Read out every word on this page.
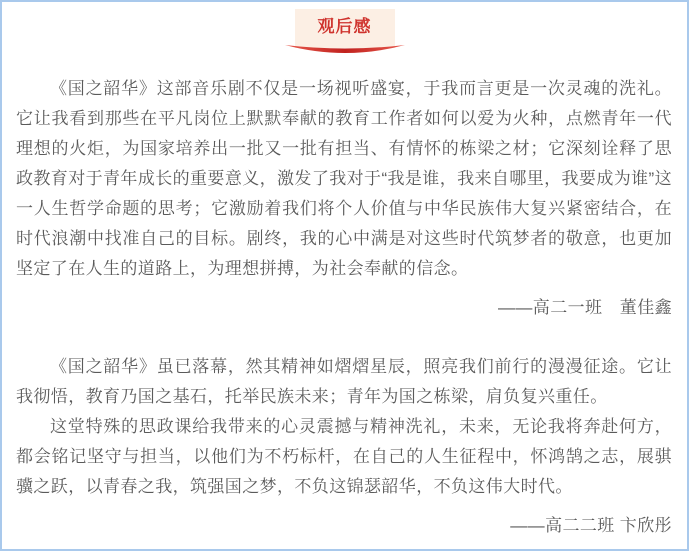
观后感

《国之韶华》这部音乐剧不仅是一场视听盛宴，于我而言更是一次灵魂的洗礼。它让我看到那些在平凡岗位上默默奉献的教育工作者如何以爱为火种，点燃青年一代理想的火炬，为国家培养出一批又一批有担当、有情怀的栋梁之材；它深刻诠释了思政教育对于青年成长的重要意义，激发了我对于“我是谁，我来自哪里，我要成为谁”这一人生哲学命题的思考；它激励着我们将个人价值与中华民族伟大复兴紧密结合，在时代浪潮中找准自己的目标。剧终，我的心中满是对这些时代筑梦者的敬意，也更加坚定了在人生的道路上，为理想拼搏，为社会奉献的信念。

——高二一班　董佳鑫

《国之韶华》虽已落幕，然其精神如熠熠星辰，照亮我们前行的漫漫征途。它让我彻悟，教育乃国之基石，托举民族未来；青年为国之栋梁，肩负复兴重任。

这堂特殊的思政课给我带来的心灵震撼与精神洗礼，未来，无论我将奔赴何方，都会铭记坚守与担当，以他们为不朽标杆，在自己的人生征程中，怀鸿鹄之志，展骐骥之跃，以青春之我，筑强国之梦，不负这锦瑟韶华，不负这伟大时代。

——高二二班 卞欣彤
